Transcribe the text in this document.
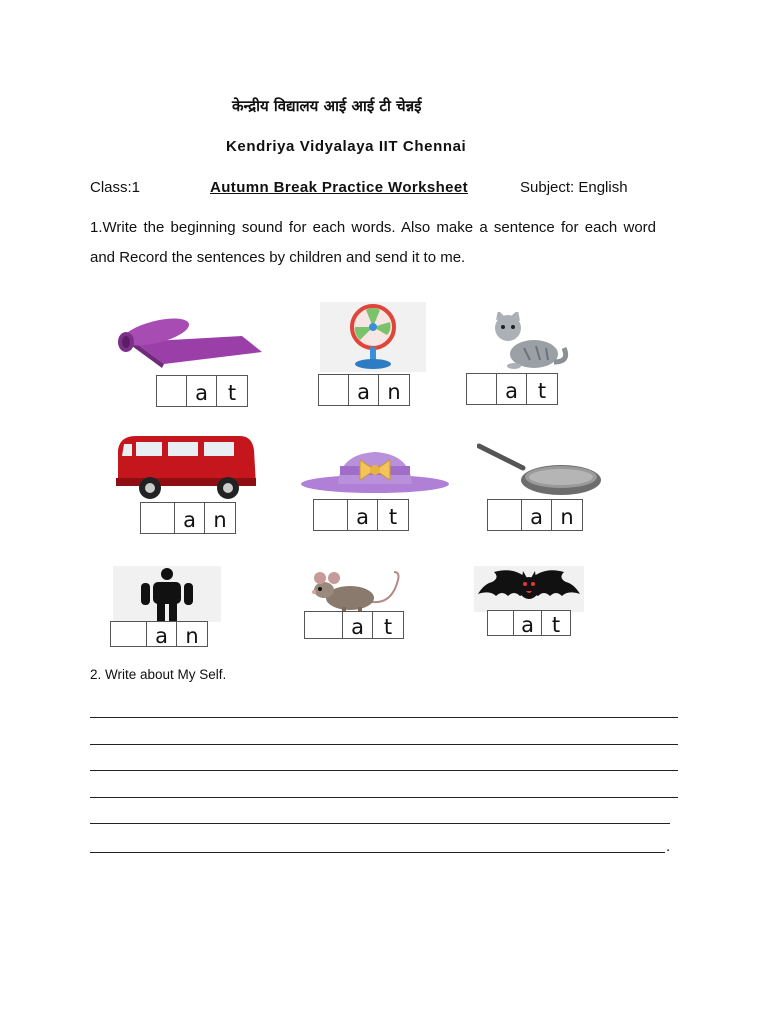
केन्द्रीय विद्यालय आई आई टी चेन्नई
Kendriya Vidyalaya IIT Chennai
Class:1	Autumn Break Practice Worksheet	Subject: English
1.Write the beginning sound for each words. Also make a sentence for each word and Record the sentences by children and send it to me.
a t	a n	a t
a n	a t	a n
a n	a t	a t
2. Write about My Self.
.
